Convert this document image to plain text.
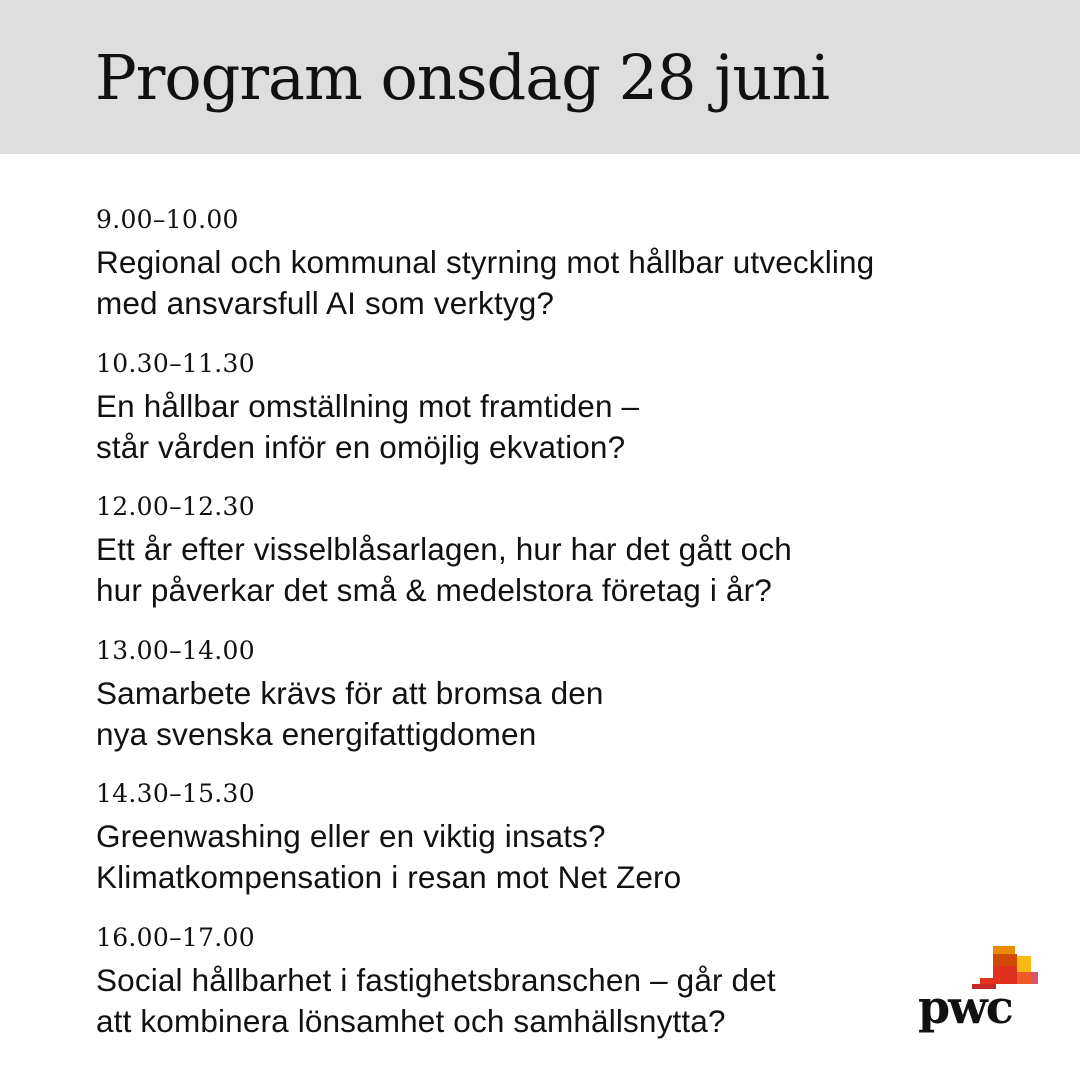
Program onsdag 28 juni

9.00–10.00

Regional och kommunal styrning mot hållbar utveckling

med ansvarsfull AI som verktyg?

10.30–11.30

En hållbar omställning mot framtiden –

står vården inför en omöjlig ekvation?

12.00–12.30

Ett år efter visselblåsarlagen, hur har det gått och

hur påverkar det små & medelstora företag i år?

13.00–14.00

Samarbete krävs för att bromsa den

nya svenska energifattigdomen

14.30–15.30

Greenwashing eller en viktig insats?

Klimatkompensation i resan mot Net Zero

16.00–17.00

Social hållbarhet i fastighetsbranschen – går det

att kombinera lönsamhet och samhällsnytta?	pwc
